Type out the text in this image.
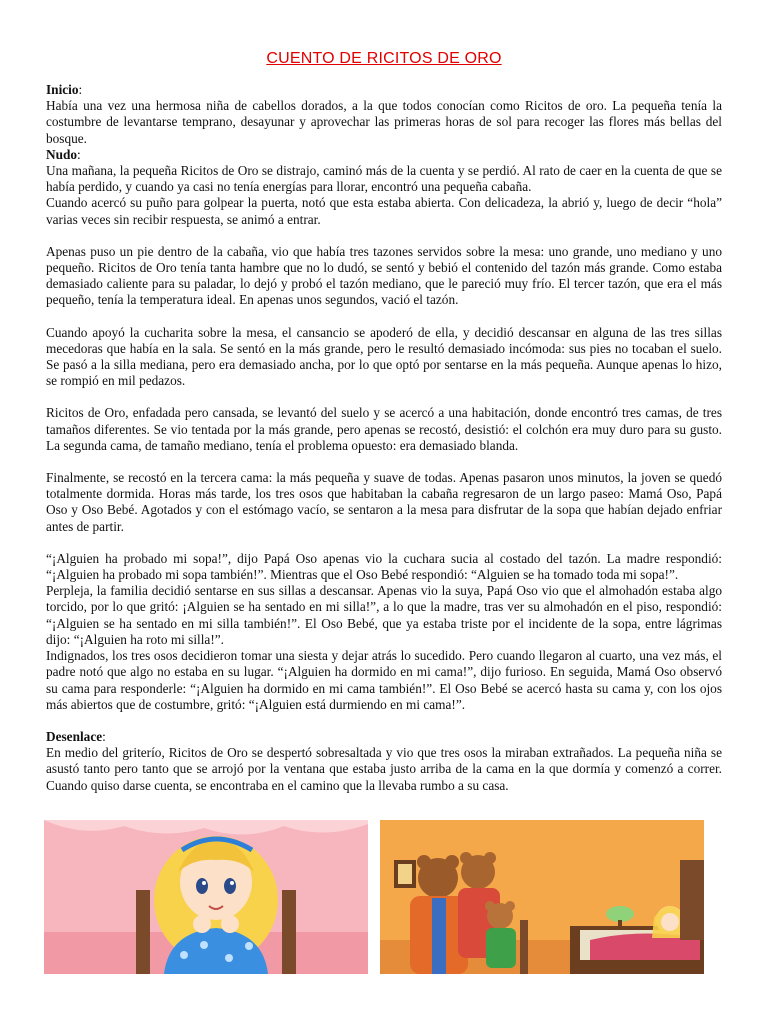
CUENTO DE RICITOS DE ORO

Inicio:

Había una vez una hermosa niña de cabellos dorados, a la que todos conocían como Ricitos de oro. La pequeña tenía la costumbre de levantarse temprano, desayunar y aprovechar las primeras horas de sol para recoger las flores más bellas del bosque.

Nudo:

Una mañana, la pequeña Ricitos de Oro se distrajo, caminó más de la cuenta y se perdió. Al rato de caer en la cuenta de que se había perdido, y cuando ya casi no tenía energías para llorar, encontró una pequeña cabaña.

Cuando acercó su puño para golpear la puerta, notó que esta estaba abierta. Con delicadeza, la abrió y, luego de decir “hola” varias veces sin recibir respuesta, se animó a entrar.

Apenas puso un pie dentro de la cabaña, vio que había tres tazones servidos sobre la mesa: uno grande, uno mediano y uno pequeño. Ricitos de Oro tenía tanta hambre que no lo dudó, se sentó y bebió el contenido del tazón más grande. Como estaba demasiado caliente para su paladar, lo dejó y probó el tazón mediano, que le pareció muy frío. El tercer tazón, que era el más pequeño, tenía la temperatura ideal. En apenas unos segundos, vació el tazón.

Cuando apoyó la cucharita sobre la mesa, el cansancio se apoderó de ella, y decidió descansar en alguna de las tres sillas mecedoras que había en la sala. Se sentó en la más grande, pero le resultó demasiado incómoda: sus pies no tocaban el suelo. Se pasó a la silla mediana, pero era demasiado ancha, por lo que optó por sentarse en la más pequeña. Aunque apenas lo hizo, se rompió en mil pedazos.

Ricitos de Oro, enfadada pero cansada, se levantó del suelo y se acercó a una habitación, donde encontró tres camas, de tres tamaños diferentes. Se vio tentada por la más grande, pero apenas se recostó, desistió: el colchón era muy duro para su gusto. La segunda cama, de tamaño mediano, tenía el problema opuesto: era demasiado blanda.

Finalmente, se recostó en la tercera cama: la más pequeña y suave de todas. Apenas pasaron unos minutos, la joven se quedó totalmente dormida. Horas más tarde, los tres osos que habitaban la cabaña regresaron de un largo paseo: Mamá Oso, Papá Oso y Oso Bebé. Agotados y con el estómago vacío, se sentaron a la mesa para disfrutar de la sopa que habían dejado enfriar antes de partir.

“¡Alguien ha probado mi sopa!”, dijo Papá Oso apenas vio la cuchara sucia al costado del tazón. La madre respondió: “¡Alguien ha probado mi sopa también!”. Mientras que el Oso Bebé respondió: “Alguien se ha tomado toda mi sopa!”.

Perpleja, la familia decidió sentarse en sus sillas a descansar. Apenas vio la suya, Papá Oso vio que el almohadón estaba algo torcido, por lo que gritó: ¡Alguien se ha sentado en mi silla!”, a lo que la madre, tras ver su almohadón en el piso, respondió: “¡Alguien se ha sentado en mi silla también!”. El Oso Bebé, que ya estaba triste por el incidente de la sopa, entre lágrimas dijo: “¡Alguien ha roto mi silla!”.

Indignados, los tres osos decidieron tomar una siesta y dejar atrás lo sucedido. Pero cuando llegaron al cuarto, una vez más, el padre notó que algo no estaba en su lugar. “¡Alguien ha dormido en mi cama!”, dijo furioso. En seguida, Mamá Oso observó su cama para responderle: “¡Alguien ha dormido en mi cama también!”. El Oso Bebé se acercó hasta su cama y, con los ojos más abiertos que de costumbre, gritó: “¡Alguien está durmiendo en mi cama!”.

Desenlace:

En medio del griterío, Ricitos de Oro se despertó sobresaltada y vio que tres osos la miraban extrañados. La pequeña niña se asustó tanto pero tanto que se arrojó por la ventana que estaba justo arriba de la cama en la que dormía y comenzó a correr. Cuando quiso darse cuenta, se encontraba en el camino que la llevaba rumbo a su casa.
